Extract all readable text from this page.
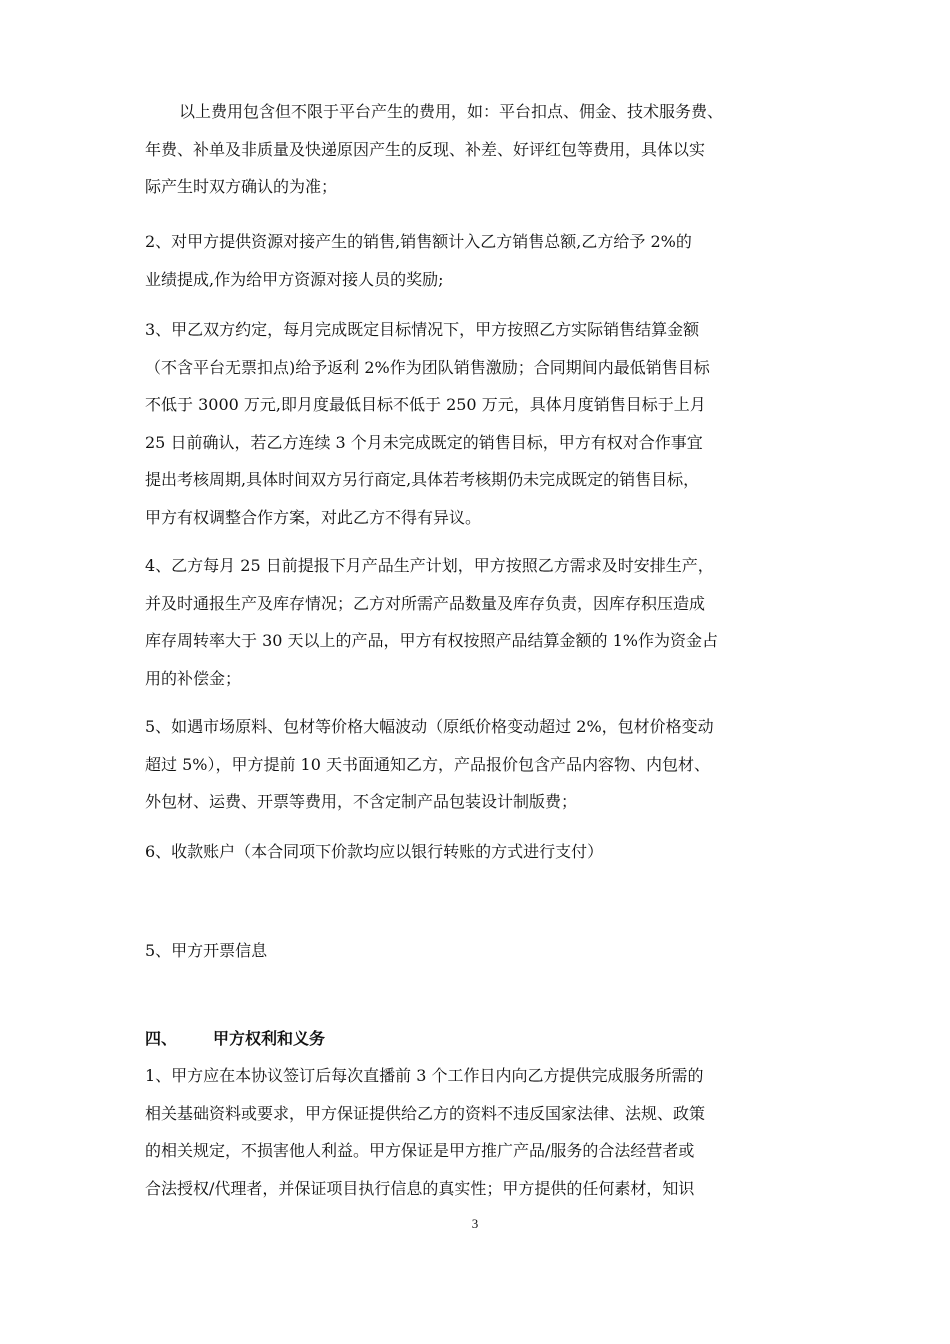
以上费用包含但不限于平台产生的费用，如：平台扣点、佣金、技术服务费、
年费、补单及非质量及快递原因产生的反现、补差、好评红包等费用，具体以实
际产生时双方确认的为准；
2、对甲方提供资源对接产生的销售,销售额计入乙方销售总额,乙方给予 2%的
业绩提成,作为给甲方资源对接人员的奖励;
3、甲乙双方约定，每月完成既定目标情况下，甲方按照乙方实际销售结算金额
（不含平台无票扣点)给予返利 2%作为团队销售激励；合同期间内最低销售目标
不低于 3000 万元,即月度最低目标不低于 250 万元，具体月度销售目标于上月
25 日前确认，若乙方连续 3 个月未完成既定的销售目标，甲方有权对合作事宜
提出考核周期,具体时间双方另行商定,具体若考核期仍未完成既定的销售目标，
甲方有权调整合作方案，对此乙方不得有异议。
4、乙方每月 25 日前提报下月产品生产计划，甲方按照乙方需求及时安排生产，
并及时通报生产及库存情况；乙方对所需产品数量及库存负责，因库存积压造成
库存周转率大于 30 天以上的产品，甲方有权按照产品结算金额的 1%作为资金占
用的补偿金；
5、如遇市场原料、包材等价格大幅波动（原纸价格变动超过 2%，包材价格变动
超过 5%），甲方提前 10 天书面通知乙方，产品报价包含产品内容物、内包材、
外包材、运费、开票等费用，不含定制产品包装设计制版费；
6、收款账户（本合同项下价款均应以银行转账的方式进行支付）
5、甲方开票信息
四、 甲方权利和义务
1、甲方应在本协议签订后每次直播前 3 个工作日内向乙方提供完成服务所需的
相关基础资料或要求，甲方保证提供给乙方的资料不违反国家法律、法规、政策
的相关规定，不损害他人利益。甲方保证是甲方推广产品/服务的合法经营者或
合法授权/代理者，并保证项目执行信息的真实性；甲方提供的任何素材，知识
3
